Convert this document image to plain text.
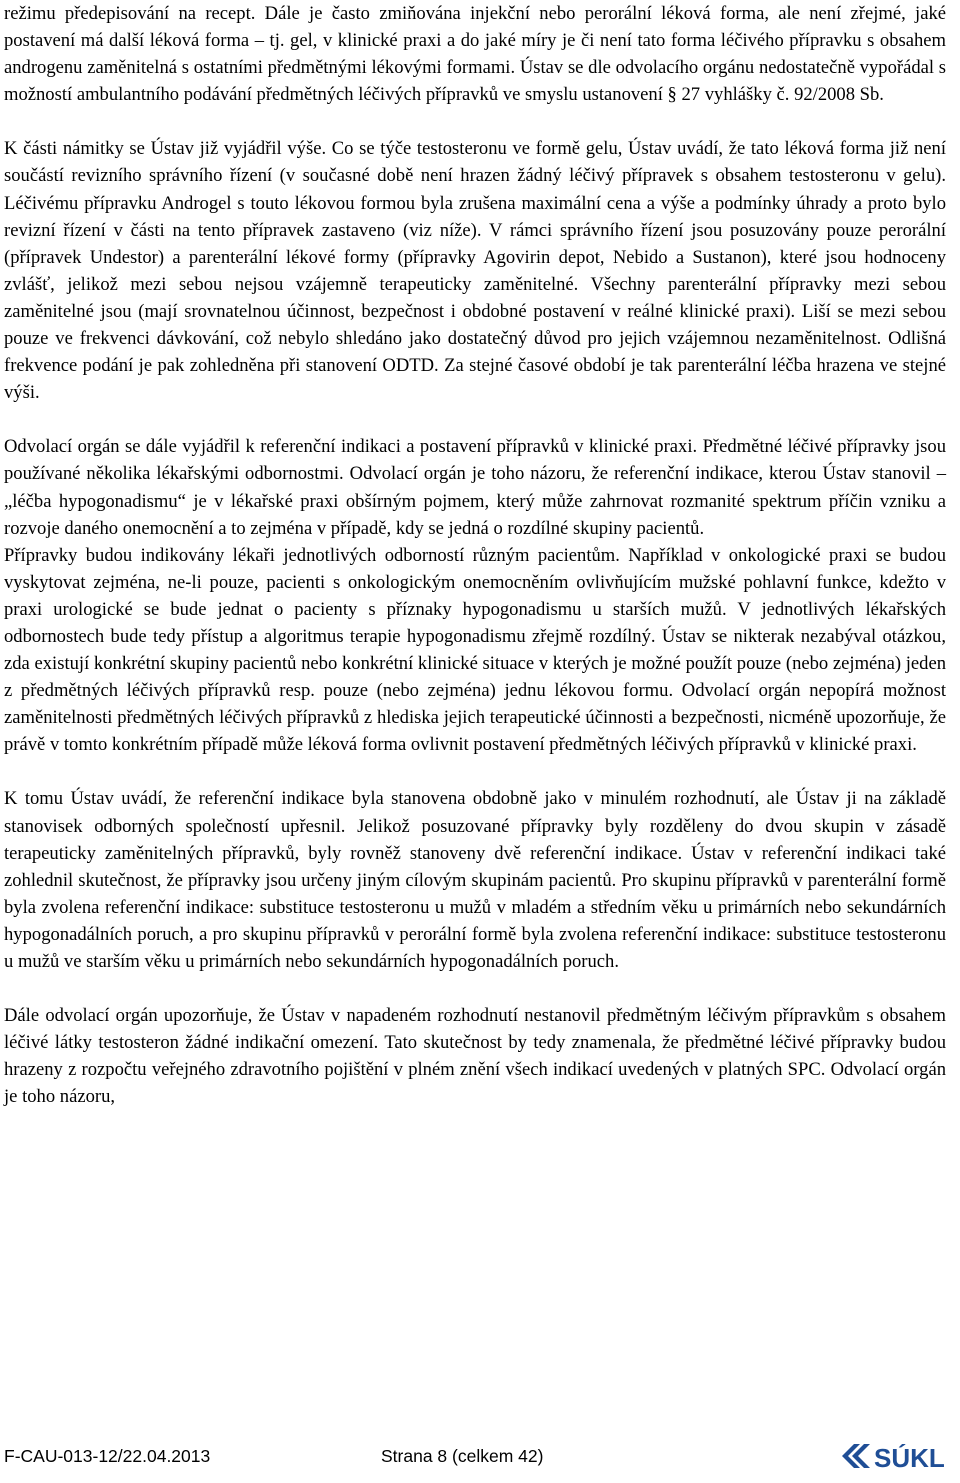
režimu předepisování na recept. Dále je často zmiňována injekční nebo perorální léková forma, ale není zřejmé, jaké postavení má další léková forma – tj. gel, v klinické praxi a do jaké míry je či není tato forma léčivého přípravku s obsahem androgenu zaměnitelná s ostatními předmětnými lékovými formami. Ústav se dle odvolacího orgánu nedostatečně vypořádal s možností ambulantního podávání předmětných léčivých přípravků ve smyslu ustanovení § 27 vyhlášky č. 92/2008 Sb.

K části námitky se Ústav již vyjádřil výše. Co se týče testosteronu ve formě gelu, Ústav uvádí, že tato léková forma již není součástí revizního správního řízení (v současné době není hrazen žádný léčivý přípravek s obsahem testosteronu v gelu). Léčivému přípravku Androgel s touto lékovou formou byla zrušena maximální cena a výše a podmínky úhrady a proto bylo revizní řízení v části na tento přípravek zastaveno (viz níže). V rámci správního řízení jsou posuzovány pouze perorální (přípravek Undestor) a parenterální lékové formy (přípravky Agovirin depot, Nebido a Sustanon), které jsou hodnoceny zvlášť, jelikož mezi sebou nejsou vzájemně terapeuticky zaměnitelné. Všechny parenterální přípravky mezi sebou zaměnitelné jsou (mají srovnatelnou účinnost, bezpečnost i obdobné postavení v reálné klinické praxi). Liší se mezi sebou pouze ve frekvenci dávkování, což nebylo shledáno jako dostatečný důvod pro jejich vzájemnou nezaměnitelnost. Odlišná frekvence podání je pak zohledněna při stanovení ODTD. Za stejné časové období je tak parenterální léčba hrazena ve stejné výši.

Odvolací orgán se dále vyjádřil k referenční indikaci a postavení přípravků v klinické praxi. Předmětné léčivé přípravky jsou používané několika lékařskými odbornostmi. Odvolací orgán je toho názoru, že referenční indikace, kterou Ústav stanovil – „léčba hypogonadismu“ je v lékařské praxi obšírným pojmem, který může zahrnovat rozmanité spektrum příčin vzniku a rozvoje daného onemocnění a to zejména v případě, kdy se jedná o rozdílné skupiny pacientů.

Přípravky budou indikovány lékaři jednotlivých odborností různým pacientům. Například v onkologické praxi se budou vyskytovat zejména, ne-li pouze, pacienti s onkologickým onemocněním ovlivňujícím mužské pohlavní funkce, kdežto v praxi urologické se bude jednat o pacienty s příznaky hypogonadismu u starších mužů. V jednotlivých lékařských odbornostech bude tedy přístup a algoritmus terapie hypogonadismu zřejmě rozdílný. Ústav se nikterak nezabýval otázkou, zda existují konkrétní skupiny pacientů nebo konkrétní klinické situace v kterých je možné použít pouze (nebo zejména) jeden z předmětných léčivých přípravků resp. pouze (nebo zejména) jednu lékovou formu. Odvolací orgán nepopírá možnost zaměnitelnosti předmětných léčivých přípravků z hlediska jejich terapeutické účinnosti a bezpečnosti, nicméně upozorňuje, že právě v tomto konkrétním případě může léková forma ovlivnit postavení předmětných léčivých přípravků v klinické praxi.

K tomu Ústav uvádí, že referenční indikace byla stanovena obdobně jako v minulém rozhodnutí, ale Ústav ji na základě stanovisek odborných společností upřesnil. Jelikož posuzované přípravky byly rozděleny do dvou skupin v zásadě terapeuticky zaměnitelných přípravků, byly rovněž stanoveny dvě referenční indikace. Ústav v referenční indikaci také zohlednil skutečnost, že přípravky jsou určeny jiným cílovým skupinám pacientů. Pro skupinu přípravků v parenterální formě byla zvolena referenční indikace: substituce testosteronu u mužů v mladém a středním věku u primárních nebo sekundárních hypogonadálních poruch, a pro skupinu přípravků v perorální formě byla zvolena referenční indikace: substituce testosteronu u mužů ve starším věku u primárních nebo sekundárních hypogonadálních poruch.

Dále odvolací orgán upozorňuje, že Ústav v napadeném rozhodnutí nestanovil předmětným léčivým přípravkům s obsahem léčivé látky testosteron žádné indikační omezení. Tato skutečnost by tedy znamenala, že předmětné léčivé přípravky budou hrazeny z rozpočtu veřejného zdravotního pojištění v plném znění všech indikací uvedených v platných SPC. Odvolací orgán je toho názoru,

F-CAU-013-12/22.04.2013	Strana 8 (celkem 42)	SÚKL
